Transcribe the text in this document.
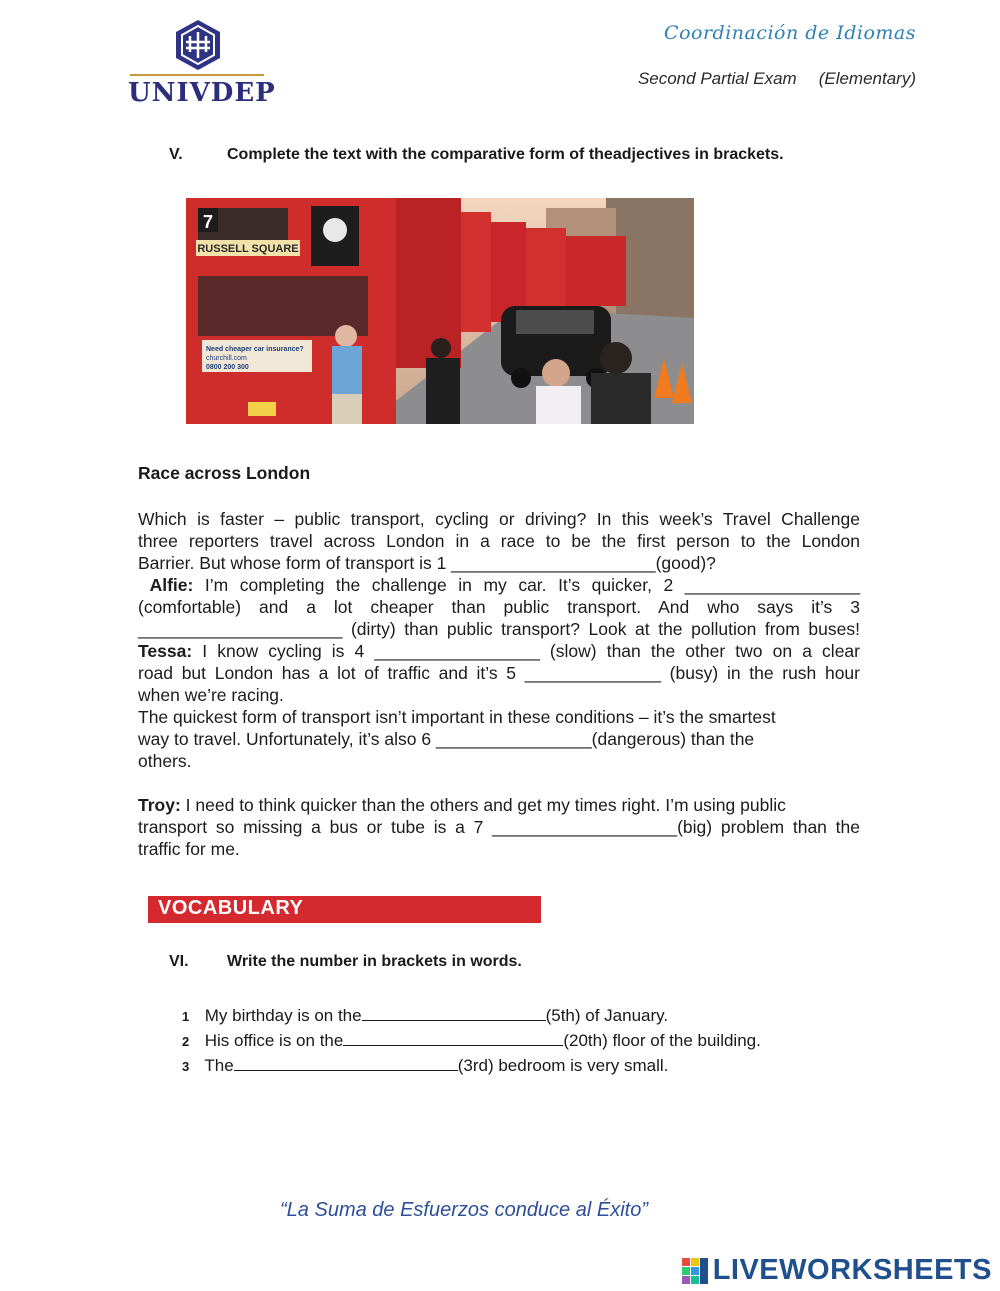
UNIVDEP
Coordinación de Idiomas
Second Partial Exam (Elementary)
V.	Complete the text with the comparative form of theadjectives in brackets.
7
RUSSELL SQUARE
Need cheaper car insurance?
churchill.com
0800 200 300
Race across London

Which is faster – public transport, cycling or driving? In this week’s Travel Challenge

three reporters travel across London in a race to be the first person to the London

Barrier. But whose form of transport is 1 _____________________(good)?

Alfie: I’m completing the challenge in my car. It’s quicker, 2 __________________

(comfortable) and a lot cheaper than public transport. And who says it’s 3

_____________________ (dirty) than public transport? Look at the pollution from buses!

Tessa: I know cycling is 4 _________________ (slow) than the other two on a clear

road but London has a lot of traffic and it’s 5 ______________ (busy) in the rush hour

when we’re racing.

The quickest form of transport isn’t important in these conditions – it’s the smartest

way to travel. Unfortunately, it’s also 6 ________________(dangerous) than the

others.

Troy: I need to think quicker than the others and get my times right. I’m using public

transport so missing a bus or tube is a 7 ___________________(big) problem than the

traffic for me.

VOCABULARY
VI. Write the number in brackets in words.
1 My birthday is on the	(5th) of January.
2 His office is on the	(20th) floor of the building.
3 The	(3rd) bedroom is very small.
“La Suma de Esfuerzos conduce al Éxito”
LIVEWORKSHEETS
